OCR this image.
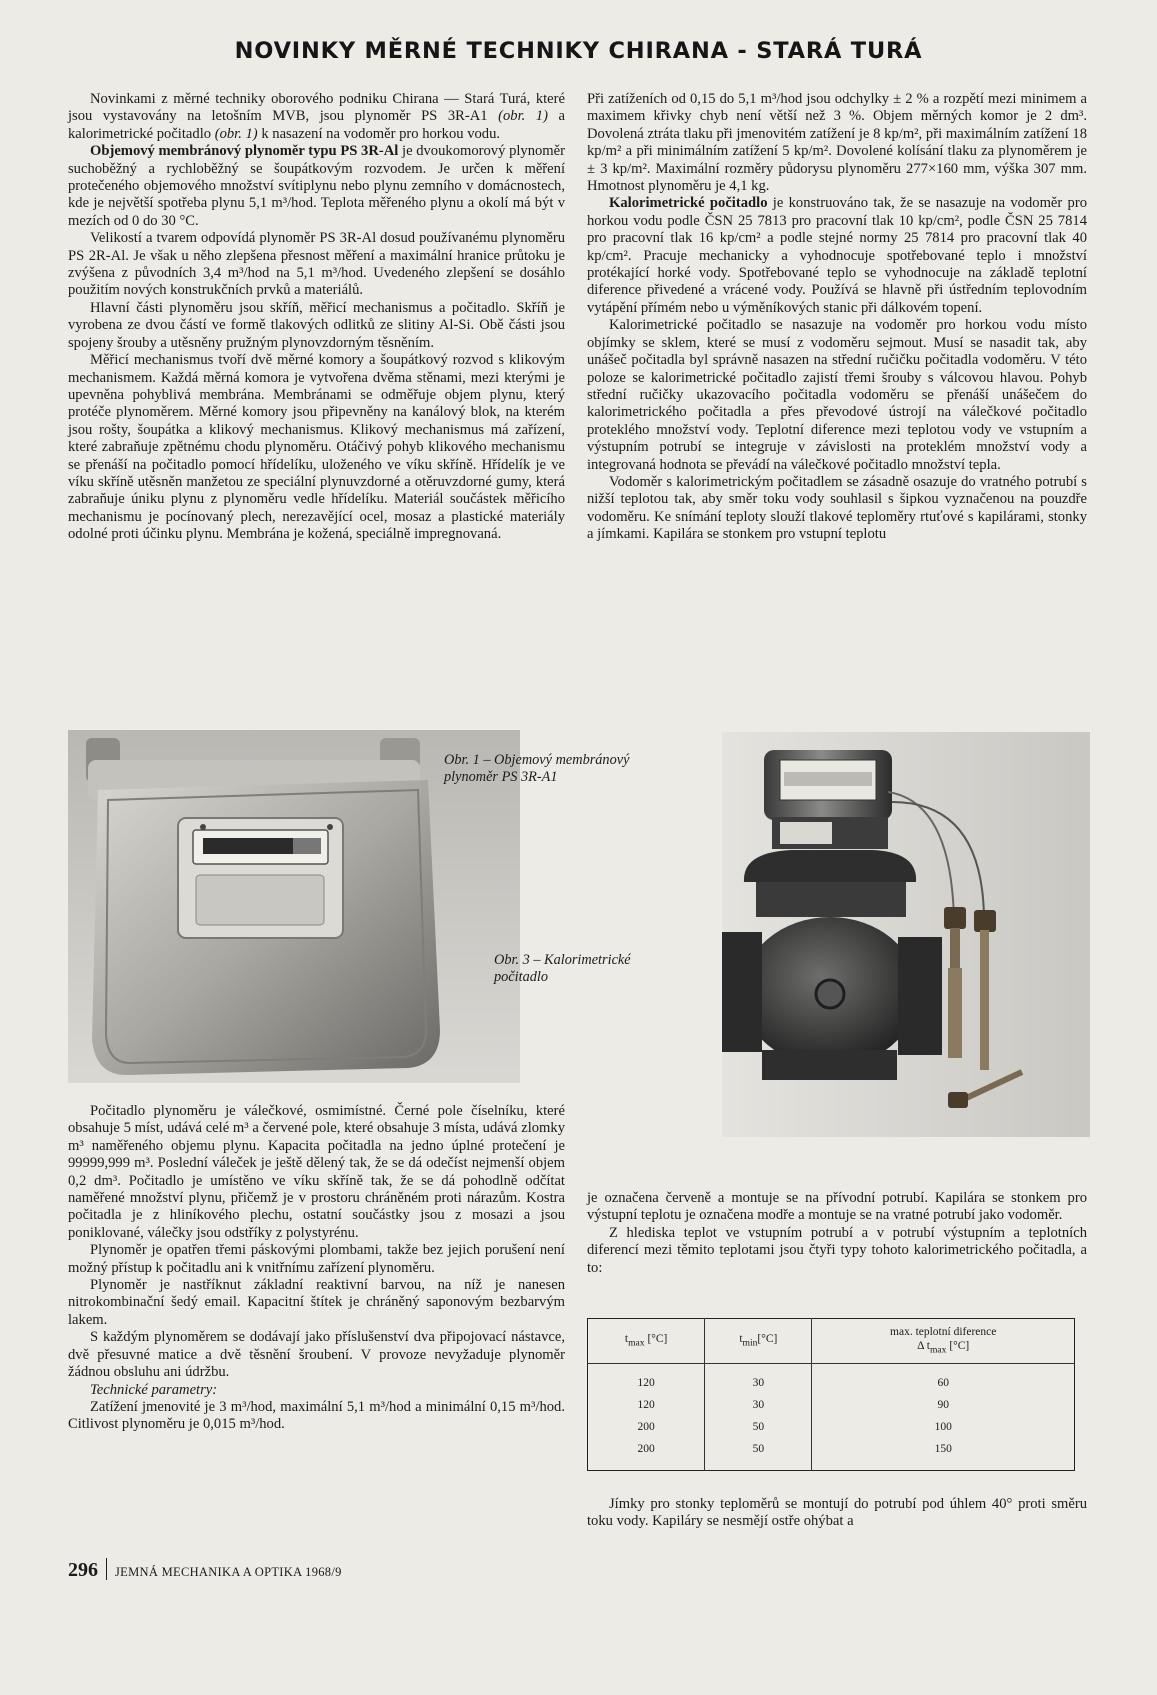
NOVINKY MĚRNÉ TECHNIKY CHIRANA - STARÁ TURÁ

Novinkami z měrné techniky oborového podniku Chirana — Stará Turá, které jsou vystavovány na letošním MVB, jsou plynoměr PS 3R-A1 (obr. 1) a kalorimetrické počitadlo (obr. 1) k nasazení na vodoměr pro horkou vodu.

Objemový membránový plynoměr typu PS 3R-Al je dvoukomorový plynoměr suchoběžný a rychloběžný se šoupátkovým rozvodem. Je určen k měření protečeného objemového množství svítiplynu nebo plynu zemního v domácnostech, kde je největší spotřeba plynu 5,1 m³/hod. Teplota měřeného plynu a okolí má být v mezích od 0 do 30 °C.

Velikostí a tvarem odpovídá plynoměr PS 3R-Al dosud používanému plynoměru PS 2R-Al. Je však u něho zlepšena přesnost měření a maximální hranice průtoku je zvýšena z původních 3,4 m³/hod na 5,1 m³/hod. Uvedeného zlepšení se dosáhlo použitím nových konstrukčních prvků a materiálů.

Hlavní části plynoměru jsou skříň, měřicí mechanismus a počitadlo. Skříň je vyrobena ze dvou částí ve formě tlakových odlitků ze slitiny Al-Si. Obě části jsou spojeny šrouby a utěsněny pružným plynovzdorným těsněním.

Měřicí mechanismus tvoří dvě měrné komory a šoupátkový rozvod s klikovým mechanismem. Každá měrná komora je vytvořena dvěma stěnami, mezi kterými je upevněna pohyblivá membrána. Membránami se odměřuje objem plynu, který protéče plynoměrem. Měrné komory jsou připevněny na kanálový blok, na kterém jsou rošty, šoupátka a klikový mechanismus. Klikový mechanismus má zařízení, které zabraňuje zpětnému chodu plynoměru. Otáčivý pohyb klikového mechanismu se přenáší na počitadlo pomocí hřídelíku, uloženého ve víku skříně. Hřídelík je ve víku skříně utěsněn manžetou ze speciální plynuvzdorné a otěruvzdorné gumy, která zabraňuje úniku plynu z plynoměru vedle hřídelíku. Materiál součástek měřicího mechanismu je pocínovaný plech, nerezavějící ocel, mosaz a plastické materiály odolné proti účinku plynu. Membrána je kožená, speciálně impregnovaná.

Při zatíženích od 0,15 do 5,1 m³/hod jsou odchylky ± 2 % a rozpětí mezi minimem a maximem křivky chyb není větší než 3 %. Objem měrných komor je 2 dm³. Dovolená ztráta tlaku při jmenovitém zatížení je 8 kp/m², při maximálním zatížení 18 kp/m² a při minimálním zatížení 5 kp/m². Dovolené kolísání tlaku za plynoměrem je ± 3 kp/m². Maximální rozměry půdorysu plynoměru 277×160 mm, výška 307 mm. Hmotnost plynoměru je 4,1 kg.

Kalorimetrické počitadlo je konstruováno tak, že se nasazuje na vodoměr pro horkou vodu podle ČSN 25 7813 pro pracovní tlak 10 kp/cm², podle ČSN 25 7814 pro pracovní tlak 16 kp/cm² a podle stejné normy 25 7814 pro pracovní tlak 40 kp/cm². Pracuje mechanicky a vyhodnocuje spotřebované teplo i množství protékající horké vody. Spotřebované teplo se vyhodnocuje na základě teplotní diference přivedené a vrácené vody. Používá se hlavně při ústředním teplovodním vytápění přímém nebo u výměníkových stanic při dálkovém topení.

Kalorimetrické počitadlo se nasazuje na vodoměr pro horkou vodu místo objímky se sklem, které se musí z vodoměru sejmout. Musí se nasadit tak, aby unášeč počitadla byl správně nasazen na střední ručičku počitadla vodoměru. V této poloze se kalorimetrické počitadlo zajistí třemi šrouby s válcovou hlavou. Pohyb střední ručičky ukazovacího počitadla vodoměru se přenáší unášečem do kalorimetrického počitadla a přes převodové ústrojí na válečkové počitadlo proteklého množství vody. Teplotní diference mezi teplotou vody ve vstupním a výstupním potrubí se integruje v závislosti na proteklém množství vody a integrovaná hodnota se převádí na válečkové počitadlo množství tepla.

Vodoměr s kalorimetrickým počitadlem se zásadně osazuje do vratného potrubí s nižší teplotou tak, aby směr toku vody souhlasil s šipkou vyznačenou na pouzdře vodoměru. Ke snímání teploty slouží tlakové teploměry rtuťové s kapilárami, stonky a jímkami. Kapilára se stonkem pro vstupní teplotu

Obr. 1 – Objemový membránový plynoměr PS 3R-A1
Obr. 3 – Kalorimetrické počitadlo

Počitadlo plynoměru je válečkové, osmimístné. Černé pole číselníku, které obsahuje 5 míst, udává celé m³ a červené pole, které obsahuje 3 místa, udává zlomky m³ naměřeného objemu plynu. Kapacita počitadla na jedno úplné protečení je 99999,999 m³. Poslední váleček je ještě dělený tak, že se dá odečíst nejmenší objem 0,2 dm³. Počitadlo je umístěno ve víku skříně tak, že se dá pohodlně odčítat naměřené množství plynu, přičemž je v prostoru chráněném proti nárazům. Kostra počitadla je z hliníkového plechu, ostatní součástky jsou z mosazi a jsou poniklované, válečky jsou odstříky z polystyrénu.

Plynoměr je opatřen třemi páskovými plombami, takže bez jejich porušení není možný přístup k počitadlu ani k vnitřnímu zařízení plynoměru.

Plynoměr je nastříknut základní reaktivní barvou, na níž je nanesen nitrokombinační šedý email. Kapacitní štítek je chráněný saponovým bezbarvým lakem.

S každým plynoměrem se dodávají jako příslušenství dva připojovací nástavce, dvě přesuvné matice a dvě těsnění šroubení. V provoze nevyžaduje plynoměr žádnou obsluhu ani údržbu.

Technické parametry:

Zatížení jmenovité je 3 m³/hod, maximální 5,1 m³/hod a minimální 0,15 m³/hod. Citlivost plynoměru je 0,015 m³/hod.

je označena červeně a montuje se na přívodní potrubí. Kapilára se stonkem pro výstupní teplotu je označena modře a montuje se na vratné potrubí jako vodoměr.

Z hlediska teplot ve vstupním potrubí a v potrubí výstupním a teplotních diferencí mezi těmito teplotami jsou čtyři typy tohoto kalorimetrického počitadla, a to:

$t_{max}$ [°C]	$t_{min}[^\circ C]$	max. teplotní diference
Δ $t_{max}$ [°C]
120	30	60
120	30	90
200	50	100
200	50	150

Jímky pro stonky teploměrů se montují do potrubí pod úhlem 40° proti směru toku vody. Kapiláry se nesmějí ostře ohýbat a

296 JEMNÁ MECHANIKA A OPTIKA 1968/9
